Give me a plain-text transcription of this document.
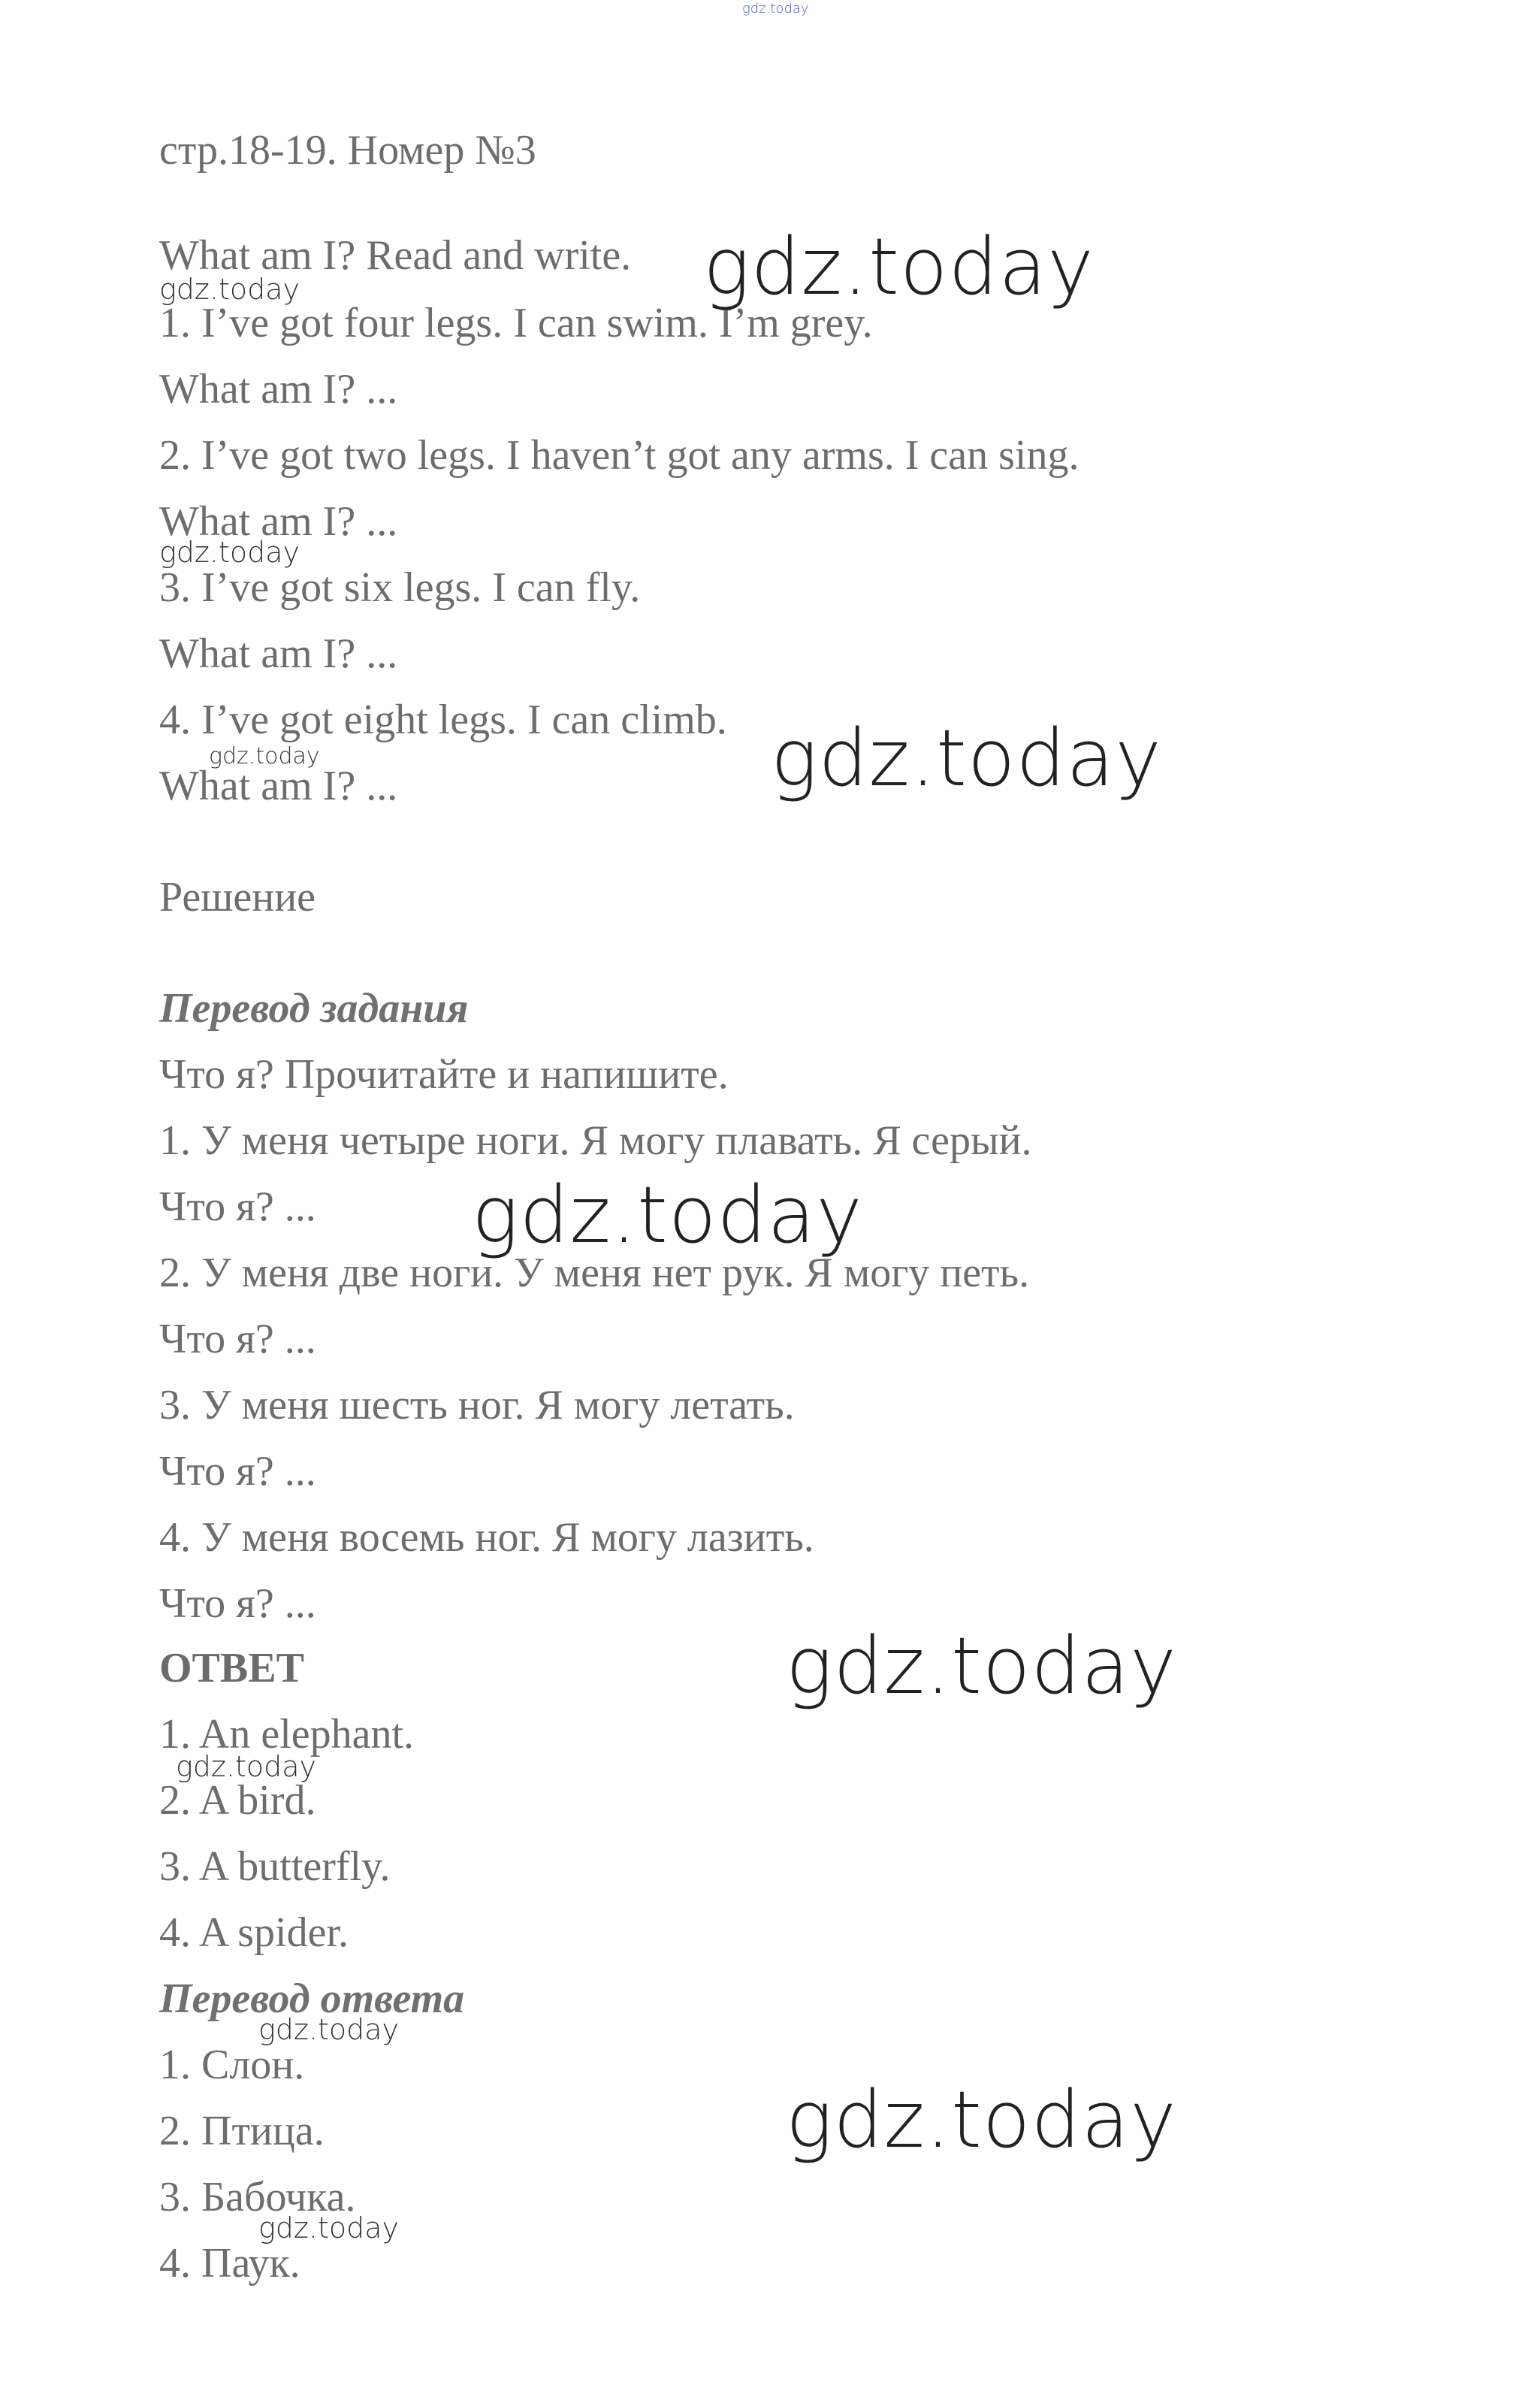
gdz.today
стр.18-19. Номер №3
What am I? Read and write.
1. I’ve got four legs. I can swim. I’m grey.
What am I? ...
2. I’ve got two legs. I haven’t got any arms. I can sing.
What am I? ...
3. I’ve got six legs. I can fly.
What am I? ...
4. I’ve got eight legs. I can climb.
What am I? ...
Решение
Перевод задания
Что я? Прочитайте и напишите.
1. У меня четыре ноги. Я могу плавать. Я серый.
Что я? ...
2. У меня две ноги. У меня нет рук. Я могу петь.
Что я? ...
3. У меня шесть ног. Я могу летать.
Что я? ...
4. У меня восемь ног. Я могу лазить.
Что я? ...
ОТВЕТ
1. An elephant.
2. A bird.
3. A butterfly.
4. A spider.
Перевод ответа
1. Слон.
2. Птица.
3. Бабочка.
4. Паук.
gdz.today
gdz.today
gdz.today
gdz.today	gdz.today
gdz.today
gdz.today
gdz.today
gdz.today
gdz.today
gdz.today
